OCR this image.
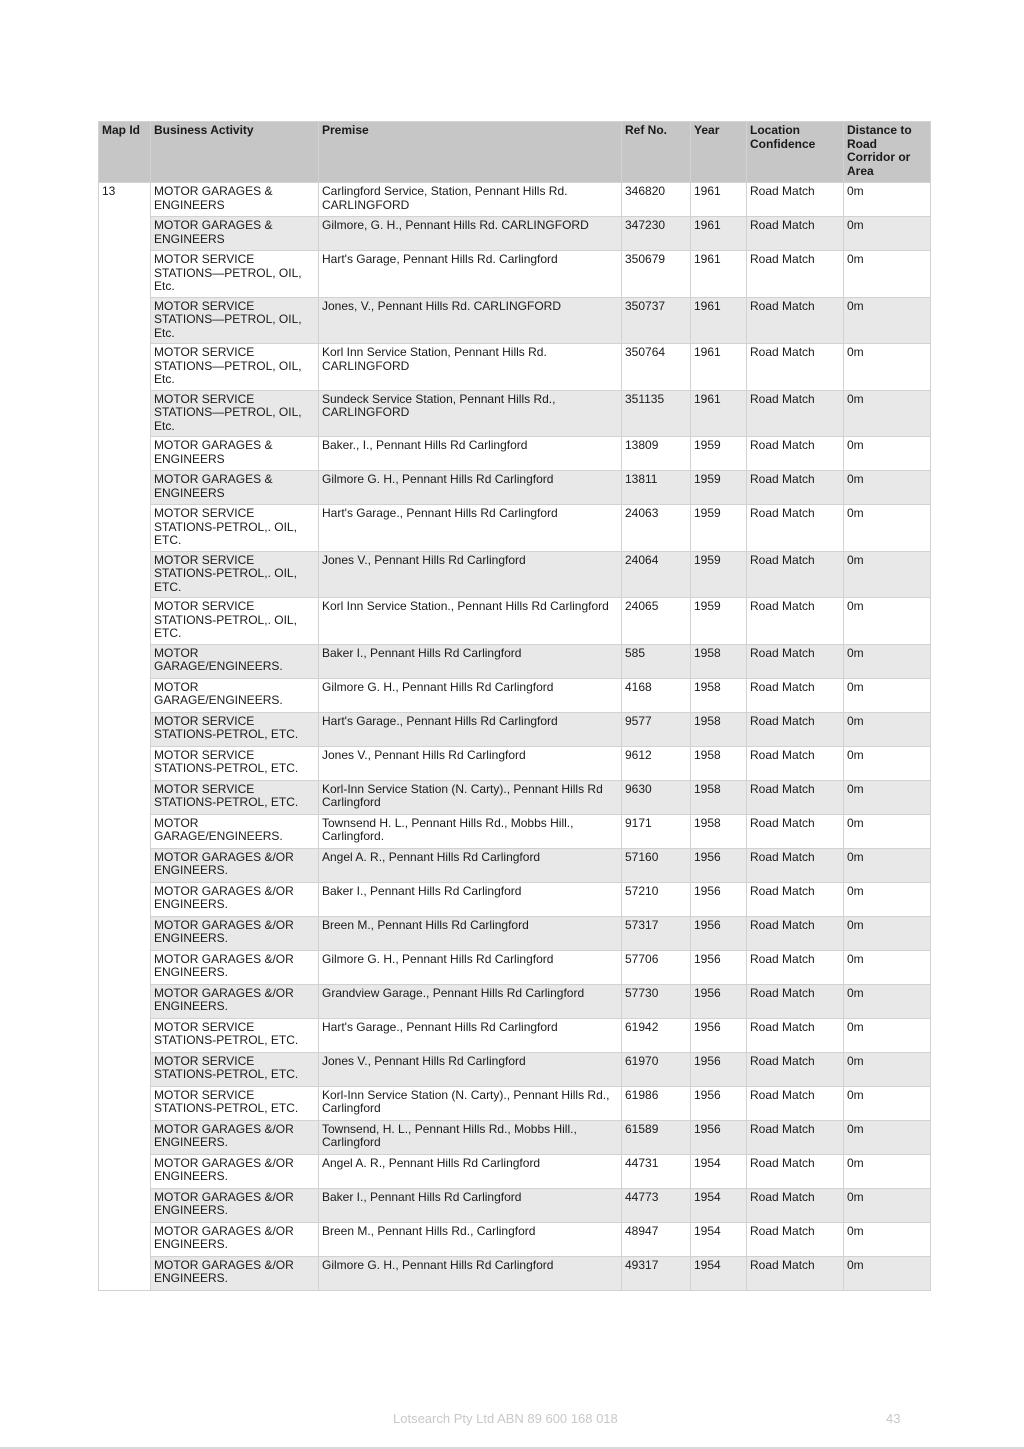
Map Id	Business Activity	Premise	Ref No.	Year	Location Confidence	Distance to Road Corridor or Area
13	MOTOR GARAGES & ENGINEERS	Carlingford Service, Station, Pennant Hills Rd. CARLINGFORD	346820	1961	Road Match	0m
	MOTOR GARAGES & ENGINEERS	Gilmore, G. H., Pennant Hills Rd. CARLINGFORD	347230	1961	Road Match	0m
	MOTOR SERVICE STATIONS—PETROL, OIL, Etc.	Hart's Garage, Pennant Hills Rd. Carlingford	350679	1961	Road Match	0m
	MOTOR SERVICE STATIONS—PETROL, OIL, Etc.	Jones, V., Pennant Hills Rd. CARLINGFORD	350737	1961	Road Match	0m
	MOTOR SERVICE STATIONS—PETROL, OIL, Etc.	Korl Inn Service Station, Pennant Hills Rd. CARLINGFORD	350764	1961	Road Match	0m
	MOTOR SERVICE STATIONS—PETROL, OIL, Etc.	Sundeck Service Station, Pennant Hills Rd., CARLINGFORD	351135	1961	Road Match	0m
	MOTOR GARAGES & ENGINEERS	Baker., I., Pennant Hills Rd Carlingford	13809	1959	Road Match	0m
	MOTOR GARAGES & ENGINEERS	Gilmore G. H., Pennant Hills Rd Carlingford	13811	1959	Road Match	0m
	MOTOR SERVICE STATIONS-PETROL,. OIL, ETC.	Hart's Garage., Pennant Hills Rd Carlingford	24063	1959	Road Match	0m
	MOTOR SERVICE STATIONS-PETROL,. OIL, ETC.	Jones V., Pennant Hills Rd Carlingford	24064	1959	Road Match	0m
	MOTOR SERVICE STATIONS-PETROL,. OIL, ETC.	Korl Inn Service Station., Pennant Hills Rd Carlingford	24065	1959	Road Match	0m
	MOTOR GARAGE/ENGINEERS.	Baker I., Pennant Hills Rd Carlingford	585	1958	Road Match	0m
	MOTOR GARAGE/ENGINEERS.	Gilmore G. H., Pennant Hills Rd Carlingford	4168	1958	Road Match	0m
	MOTOR SERVICE STATIONS-PETROL, ETC.	Hart's Garage., Pennant Hills Rd Carlingford	9577	1958	Road Match	0m
	MOTOR SERVICE STATIONS-PETROL, ETC.	Jones V., Pennant Hills Rd Carlingford	9612	1958	Road Match	0m
	MOTOR SERVICE STATIONS-PETROL, ETC.	Korl-Inn Service Station (N. Carty)., Pennant Hills Rd Carlingford	9630	1958	Road Match	0m
	MOTOR GARAGE/ENGINEERS.	Townsend H. L., Pennant Hills Rd., Mobbs Hill., Carlingford.	9171	1958	Road Match	0m
	MOTOR GARAGES &/OR ENGINEERS.	Angel A. R., Pennant Hills Rd Carlingford	57160	1956	Road Match	0m
	MOTOR GARAGES &/OR ENGINEERS.	Baker I., Pennant Hills Rd Carlingford	57210	1956	Road Match	0m
	MOTOR GARAGES &/OR ENGINEERS.	Breen M., Pennant Hills Rd Carlingford	57317	1956	Road Match	0m
	MOTOR GARAGES &/OR ENGINEERS.	Gilmore G. H., Pennant Hills Rd Carlingford	57706	1956	Road Match	0m
	MOTOR GARAGES &/OR ENGINEERS.	Grandview Garage., Pennant Hills Rd Carlingford	57730	1956	Road Match	0m
	MOTOR SERVICE STATIONS-PETROL, ETC.	Hart's Garage., Pennant Hills Rd Carlingford	61942	1956	Road Match	0m
	MOTOR SERVICE STATIONS-PETROL, ETC.	Jones V., Pennant Hills Rd Carlingford	61970	1956	Road Match	0m
	MOTOR SERVICE STATIONS-PETROL, ETC.	Korl-Inn Service Station (N. Carty)., Pennant Hills Rd., Carlingford	61986	1956	Road Match	0m
	MOTOR GARAGES &/OR ENGINEERS.	Townsend, H. L., Pennant Hills Rd., Mobbs Hill., Carlingford	61589	1956	Road Match	0m
	MOTOR GARAGES &/OR ENGINEERS.	Angel A. R., Pennant Hills Rd Carlingford	44731	1954	Road Match	0m
	MOTOR GARAGES &/OR ENGINEERS.	Baker I., Pennant Hills Rd Carlingford	44773	1954	Road Match	0m
	MOTOR GARAGES &/OR ENGINEERS.	Breen M., Pennant Hills Rd., Carlingford	48947	1954	Road Match	0m
	MOTOR GARAGES &/OR ENGINEERS.	Gilmore G. H., Pennant Hills Rd Carlingford	49317	1954	Road Match	0m
Lotsearch Pty Ltd ABN 89 600 168 018	43
